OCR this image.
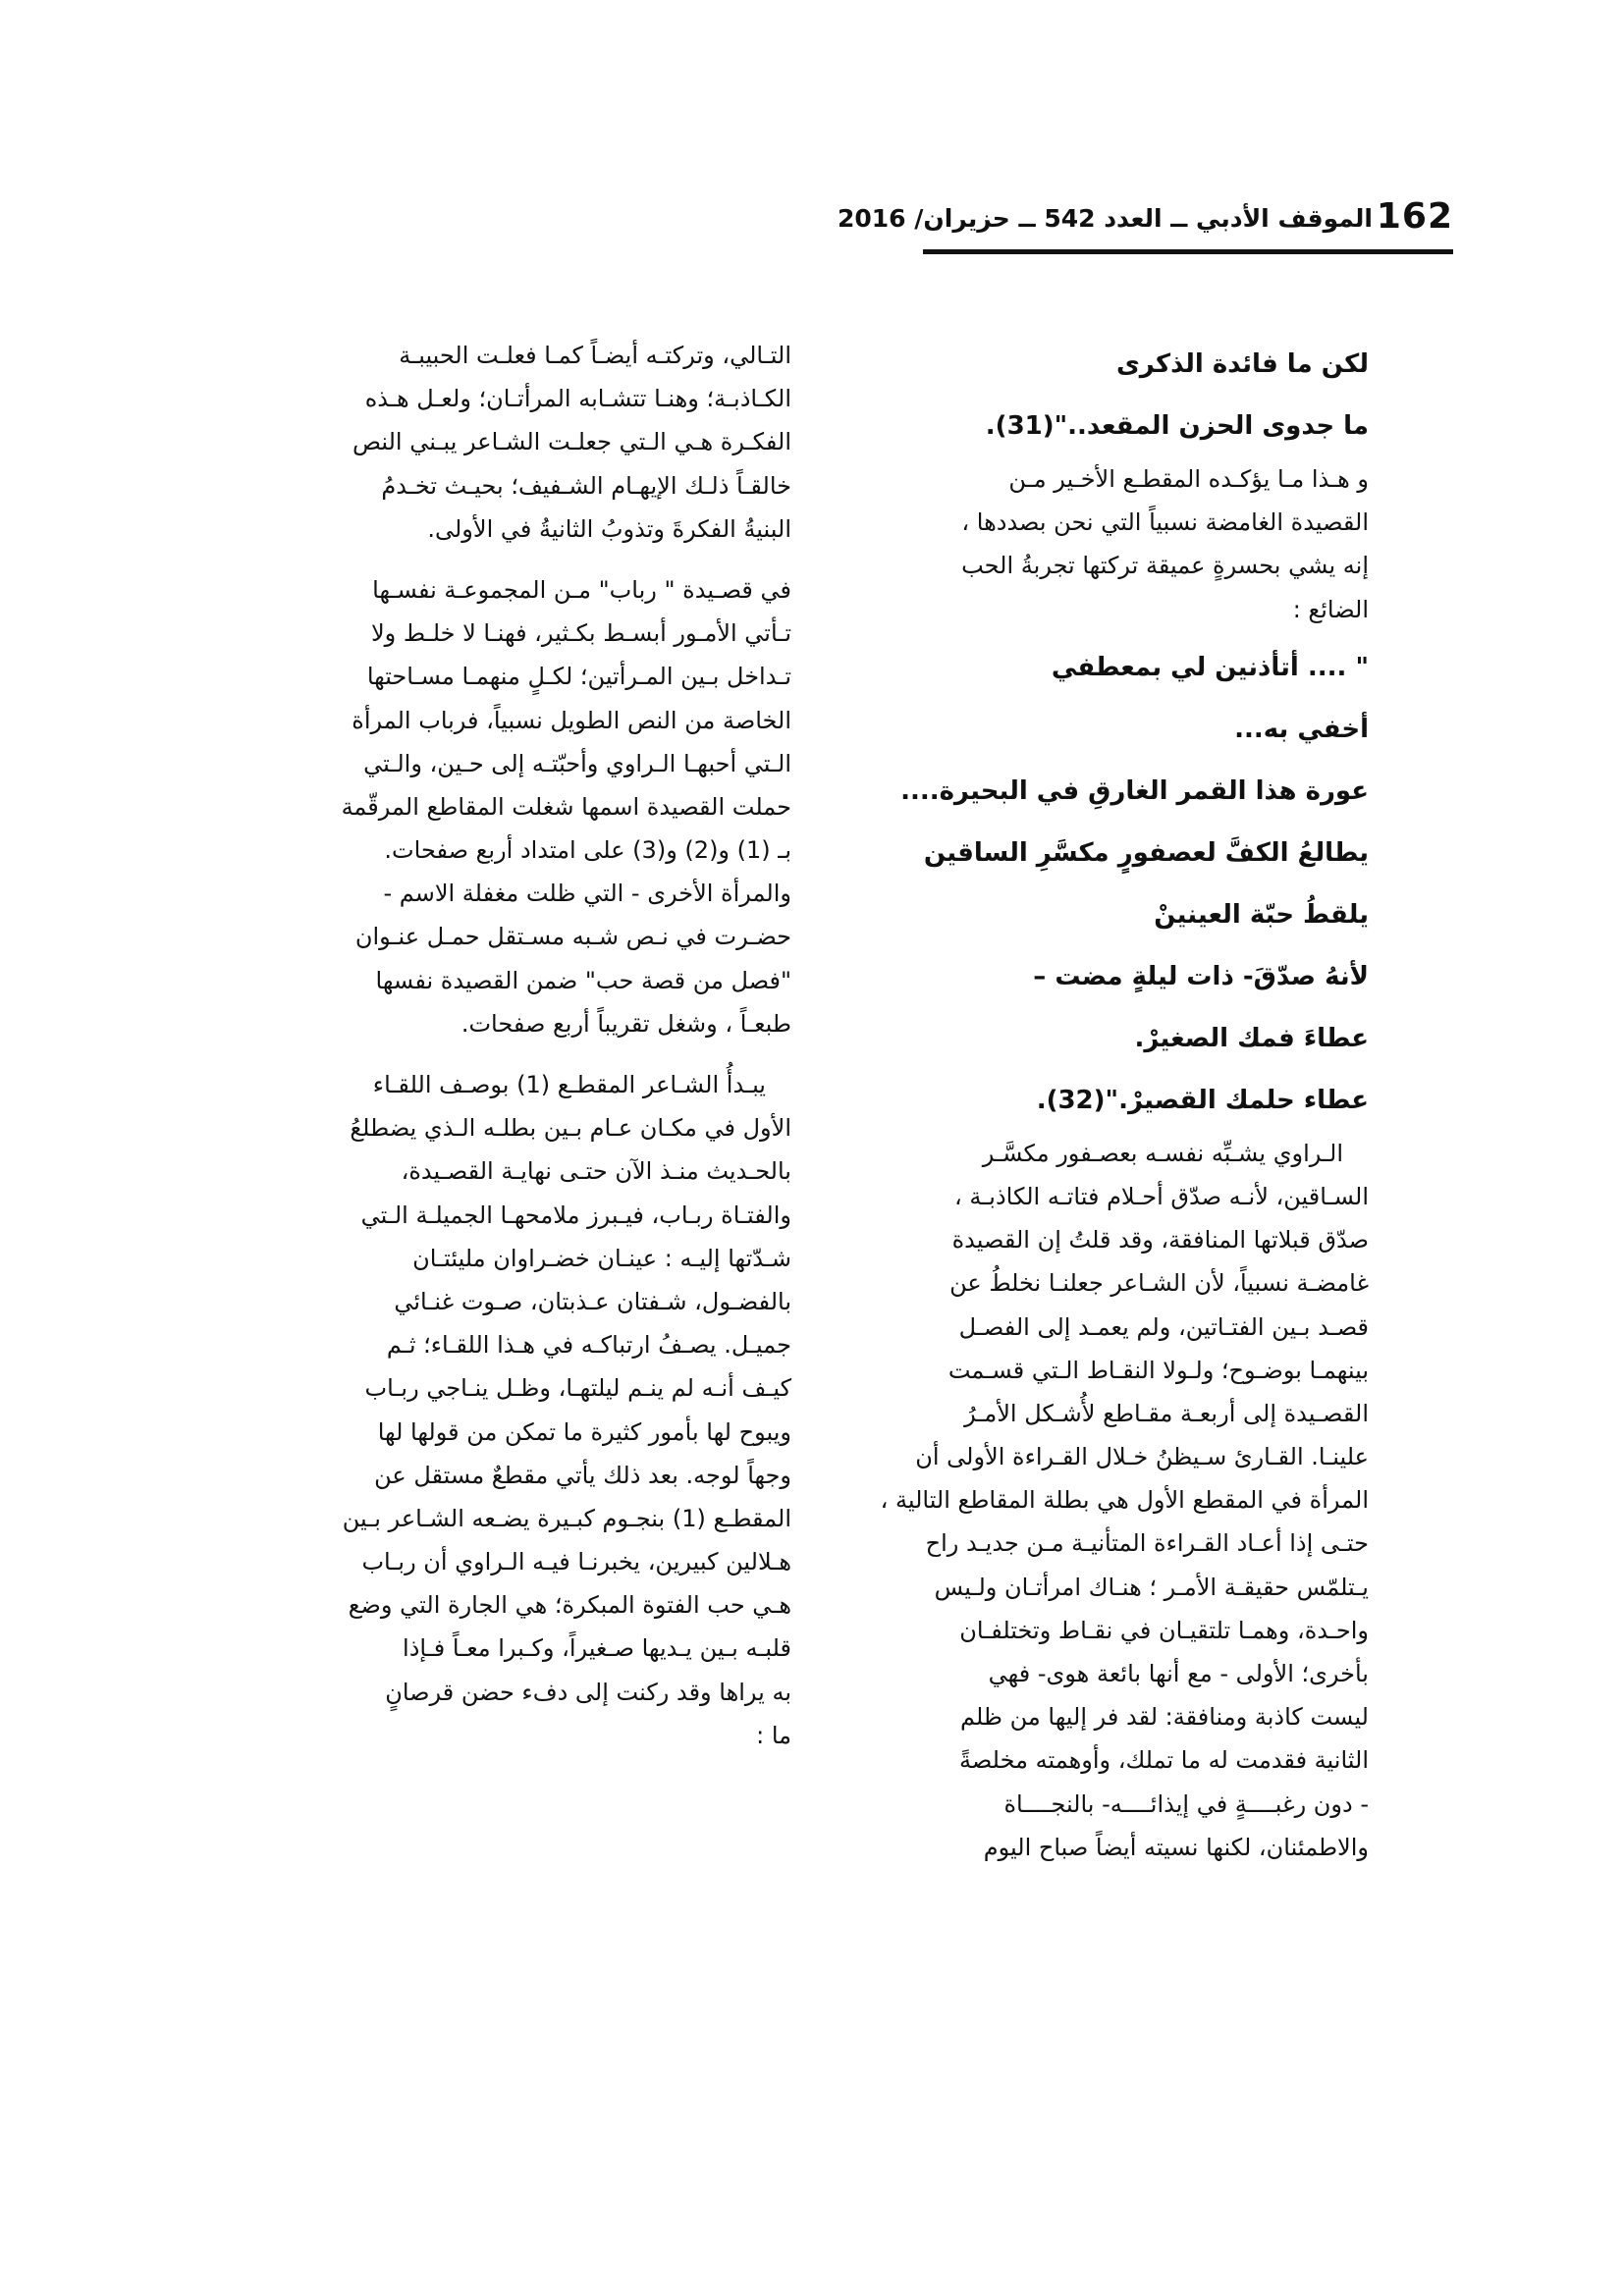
162
الموقف الأدبي ــ العدد 542 ــ حزيران/ 2016

لكن ما فائدة الذكرى

ما جدوى الحزن المقعد.."(31).

و هـذا مـا يؤكـده المقطـع الأخـير مـن

القصيدة الغامضة نسبياً التي نحن بصددها ،

إنه يشي بحسرةٍ عميقة تركتها تجربةُ الحب

الضائع :

" .... أتأذنين لي بمعطفي

أخفي به...

عورة هذا القمر الغارقِ في البحيرة....

يطالعُ الكفَّ لعصفورٍ مكسَّرِ الساقين

يلقطُ حبّة العينينْ

لأنهُ صدّقَ- ذات ليلةٍ مضت –

عطاءَ فمك الصغيرْ.

عطاء حلمك القصيرْ."(32).

الـراوي يشـبِّه نفسـه بعصـفور مكسَّـر

السـاقين، لأنـه صدّق أحـلام فتاتـه الكاذبـة ،

صدّق قبلاتها المنافقة، وقد قلتُ إن القصيدة

غامضـة نسبياً، لأن الشـاعر جعلنـا نخلطُ عن

قصـد بـين الفتـاتين، ولم يعمـد إلى الفصـل

بينهمـا بوضـوح؛ ولـولا النقـاط الـتي قسـمت

القصـيدة إلى أربعـة مقـاطع لأُشـكل الأمـرُ

علينـا. القـارئ سـيظنُ خـلال القـراءة الأولى أن

المرأة في المقطع الأول هي بطلة المقاطع التالية ،

حتـى إذا أعـاد القـراءة المتأنيـة مـن جديـد راح

يـتلمّس حقيقـة الأمـر ؛ هنـاك امرأتـان ولـيس

واحـدة، وهمـا تلتقيـان في نقـاط وتختلفـان

بأخرى؛ الأولى - مع أنها بائعة هوى- فهي

ليست كاذبة ومنافقة: لقد فر إليها من ظلم

الثانية فقدمت له ما تملك، وأوهمته مخلصةً

- دون رغبــــةٍ في إيذائــــه- بالنجــــاة

والاطمئنان، لكنها نسيته أيضاً صباح اليوم

التـالي، وتركتـه أيضـاً كمـا فعلـت الحبيبـة

الكـاذبـة؛ وهنـا تتشـابه المرأتـان؛ ولعـل هـذه

الفكـرة هـي الـتي جعلـت الشـاعر يبـني النص

خالقـاً ذلـك الإيهـام الشـفيف؛ بحيـث تخـدمُ

البنيةُ الفكرةَ وتذوبُ الثانيةُ في الأولى.

في قصـيدة " رباب" مـن المجموعـة نفسـها

تـأتي الأمـور أبسـط بكـثير، فهنـا لا خلـط ولا

تـداخل بـين المـرأتين؛ لكـلٍ منهمـا مسـاحتها

الخاصة من النص الطويل نسبياً، فرباب المرأة

الـتي أحبهـا الـراوي وأحبّتـه إلى حـين، والـتي

حملت القصيدة اسمها شغلت المقاطع المرقّمة

بـ (1) و(2) و(3) على امتداد أربع صفحات.

والمرأة الأخرى - التي ظلت مغفلة الاسم -

حضـرت في نـص شـبه مسـتقل حمـل عنـوان

"فصل من قصة حب" ضمن القصيدة نفسها

طبعـاً ، وشغل تقريباً أربع صفحات.

يبـدأُ الشـاعر المقطـع (1) بوصـف اللقـاء

الأول في مكـان عـام بـين بطلـه الـذي يضطلعُ

بالحـديث منـذ الآن حتـى نهايـة القصـيدة،

والفتـاة ربـاب، فيـبرز ملامحهـا الجميلـة الـتي

شـدّتها إليـه : عينـان خضـراوان مليئتـان

بالفضـول، شـفتان عـذبتان، صـوت غنـائي

جميـل. يصـفُ ارتباكـه في هـذا اللقـاء؛ ثـم

كيـف أنـه لم ينـم ليلتهـا، وظـل ينـاجي ربـاب

ويبوح لها بأمور كثيرة ما تمكن من قولها لها

وجهاً لوجه. بعد ذلك يأتي مقطعٌ مستقل عن

المقطـع (1) بنجـوم كبـيرة يضـعه الشـاعر بـين

هـلالين كبيرين، يخبرنـا فيـه الـراوي أن ربـاب

هـي حب الفتوة المبكرة؛ هي الجارة التي وضع

قلبـه بـين يـديها صـغيراً، وكـبرا معـاً فـإذا

به يراها وقد ركنت إلى دفء حضن قرصانٍ

ما :
